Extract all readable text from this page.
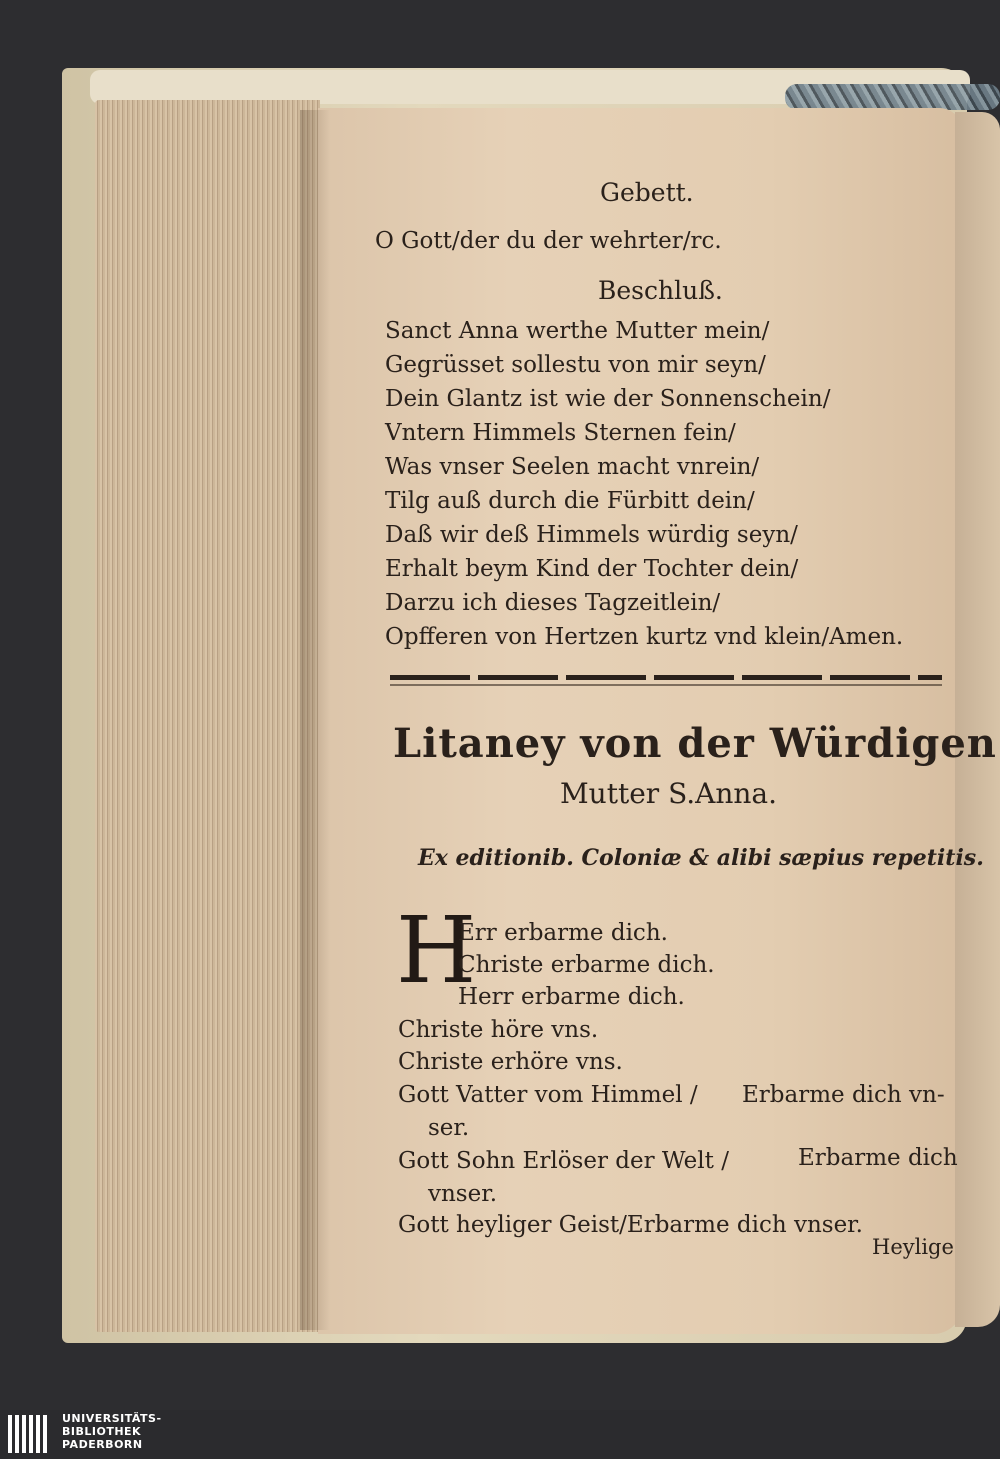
Gebett.
O Gott/der du der wehrter/rc.
Beschluß.
Sanct Anna werthe Mutter mein/
Gegrüsset sollestu von mir seyn/
Dein Glantz ist wie der Sonnenschein/
Vntern Himmels Sternen fein/
Was vnser Seelen macht vnrein/
Tilg auß durch die Fürbitt dein/
Daß wir deß Himmels würdig seyn/
Erhalt beym Kind der Tochter dein/
Darzu ich dieses Tagzeitlein/
Opfferen von Hertzen kurtz vnd klein/Amen.
Litaney von der Würdigen
Mutter S.Anna.
Ex editionib. Coloniæ & alibi sæpius repetitis.
H
Err erbarme dich.
Christe erbarme dich.
Herr erbarme dich.
Christe höre vns.
Christe erhöre vns.
Gott Vatter vom Himmel / Erbarme dich vn-
ser.
Gott Sohn Erlöser der Welt /	Erbarme dich
vnser.
Gott heyliger Geist/Erbarme dich vnser.
Heylige
UNIVERSITÄTS-
BIBLIOTHEK
PADERBORN
